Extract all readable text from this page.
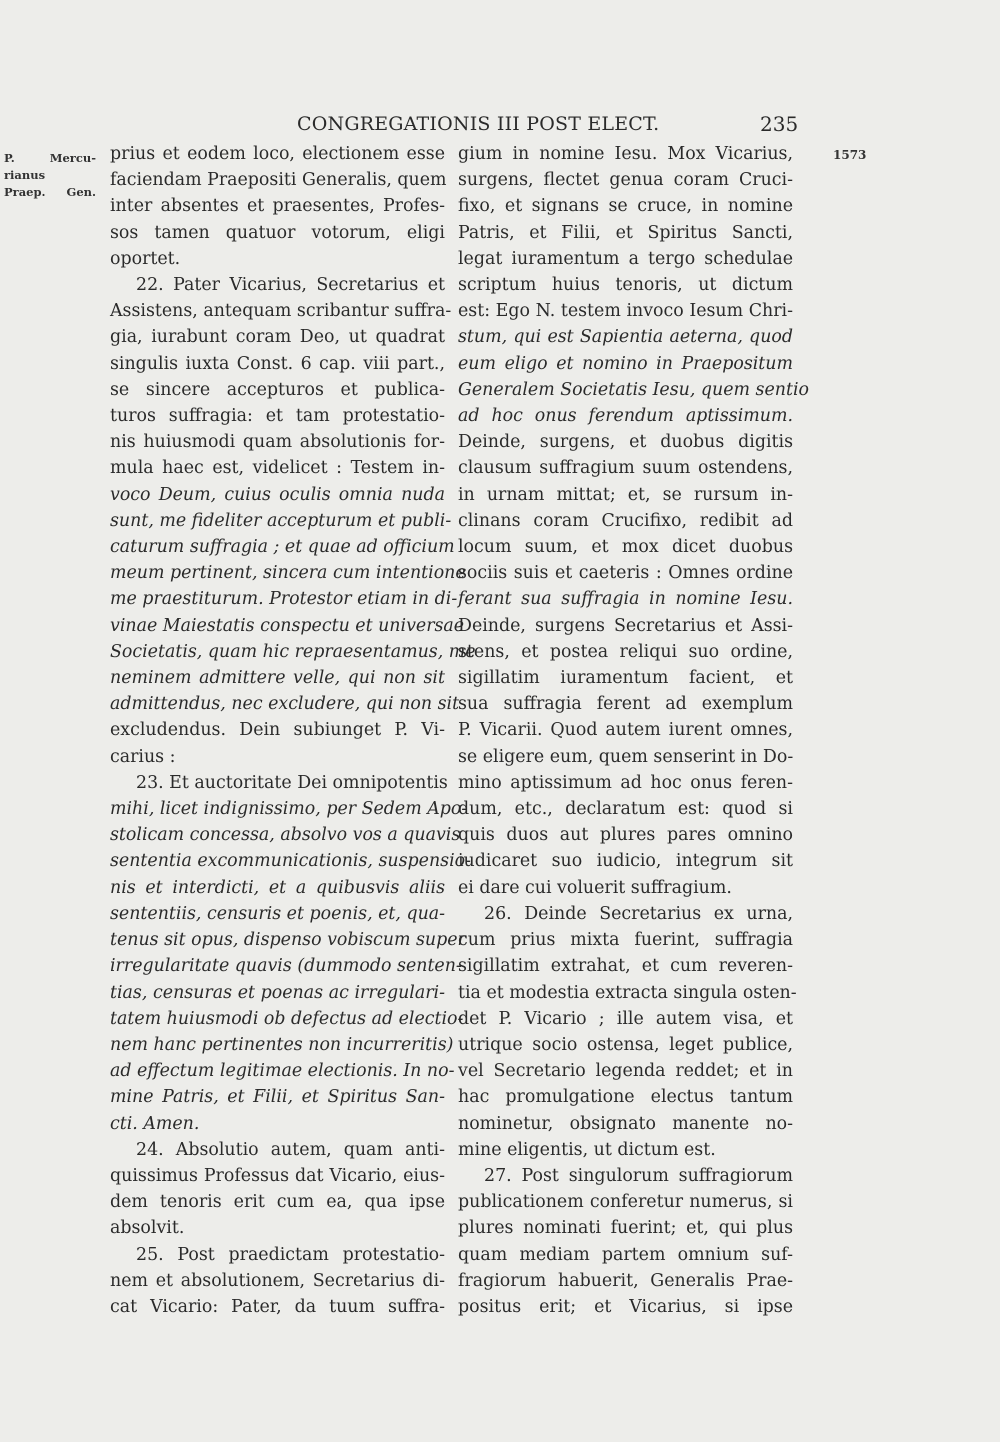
CONGREGATIONIS III POST ELECT.	235
P. Mercu-
rianus
Praep. Gen.
1573
prius et eodem loco, electionem esse
faciendam Praepositi Generalis, quem
inter absentes et praesentes, Profes-
sos tamen quatuor votorum, eligi
oportet.
22. Pater Vicarius, Secretarius et
Assistens, antequam scribantur suffra-
gia, iurabunt coram Deo, ut quadrat
singulis iuxta Const. 6 cap. viii part.,
se sincere accepturos et publica-
turos suffragia: et tam protestatio-
nis huiusmodi quam absolutionis for-
mula haec est, videlicet : Testem in-
voco Deum, cuius oculis omnia nuda
sunt, me fideliter accepturum et publi-
caturum suffragia ; et quae ad officium
meum pertinent, sincera cum intentione
me praestiturum. Protestor etiam in di-
vinae Maiestatis conspectu et universae
Societatis, quam hic repraesentamus, me
neminem admittere velle, qui non sit
admittendus, nec excludere, qui non sit
excludendus. Dein subiunget P. Vi-
carius :
23. Et auctoritate Dei omnipotentis
mihi, licet indignissimo, per Sedem Apo-
stolicam concessa, absolvo vos a quavis
sententia excommunicationis, suspensio-
nis et interdicti, et a quibusvis aliis
sententiis, censuris et poenis, et, qua-
tenus sit opus, dispenso vobiscum super
irregularitate quavis (dummodo senten-
tias, censuras et poenas ac irregulari-
tatem huiusmodi ob defectus ad electio-
nem hanc pertinentes non incurreritis)
ad effectum legitimae electionis. In no-
mine Patris, et Filii, et Spiritus San-
cti. Amen.
24. Absolutio autem, quam anti-
quissimus Professus dat Vicario, eius-
dem tenoris erit cum ea, qua ipse
absolvit.
25. Post praedictam protestatio-
nem et absolutionem, Secretarius di-
cat Vicario: Pater, da tuum suffra-
gium in nomine Iesu. Mox Vicarius,
surgens, flectet genua coram Cruci-
fixo, et signans se cruce, in nomine
Patris, et Filii, et Spiritus Sancti,
legat iuramentum a tergo schedulae
scriptum huius tenoris, ut dictum
est: Ego N. testem invoco Iesum Chri-
stum, qui est Sapientia aeterna, quod
eum eligo et nomino in Praepositum
Generalem Societatis Iesu, quem sentio
ad hoc onus ferendum aptissimum.
Deinde, surgens, et duobus digitis
clausum suffragium suum ostendens,
in urnam mittat; et, se rursum in-
clinans coram Crucifixo, redibit ad
locum suum, et mox dicet duobus
sociis suis et caeteris : Omnes ordine
ferant sua suffragia in nomine Iesu.
Deinde, surgens Secretarius et Assi-
stens, et postea reliqui suo ordine,
sigillatim iuramentum facient, et
sua suffragia ferent ad exemplum
P. Vicarii. Quod autem iurent omnes,
se eligere eum, quem senserint in Do-
mino aptissimum ad hoc onus feren-
dum, etc., declaratum est: quod si
quis duos aut plures pares omnino
iudicaret suo iudicio, integrum sit
ei dare cui voluerit suffragium.
26. Deinde Secretarius ex urna,
cum prius mixta fuerint, suffragia
sigillatim extrahat, et cum reveren-
tia et modestia extracta singula osten-
det P. Vicario ; ille autem visa, et
utrique socio ostensa, leget publice,
vel Secretario legenda reddet; et in
hac promulgatione electus tantum
nominetur, obsignato manente no-
mine eligentis, ut dictum est.
27. Post singulorum suffragiorum
publicationem conferetur numerus, si
plures nominati fuerint; et, qui plus
quam mediam partem omnium suf-
fragiorum habuerit, Generalis Prae-
positus erit; et Vicarius, si ipse
